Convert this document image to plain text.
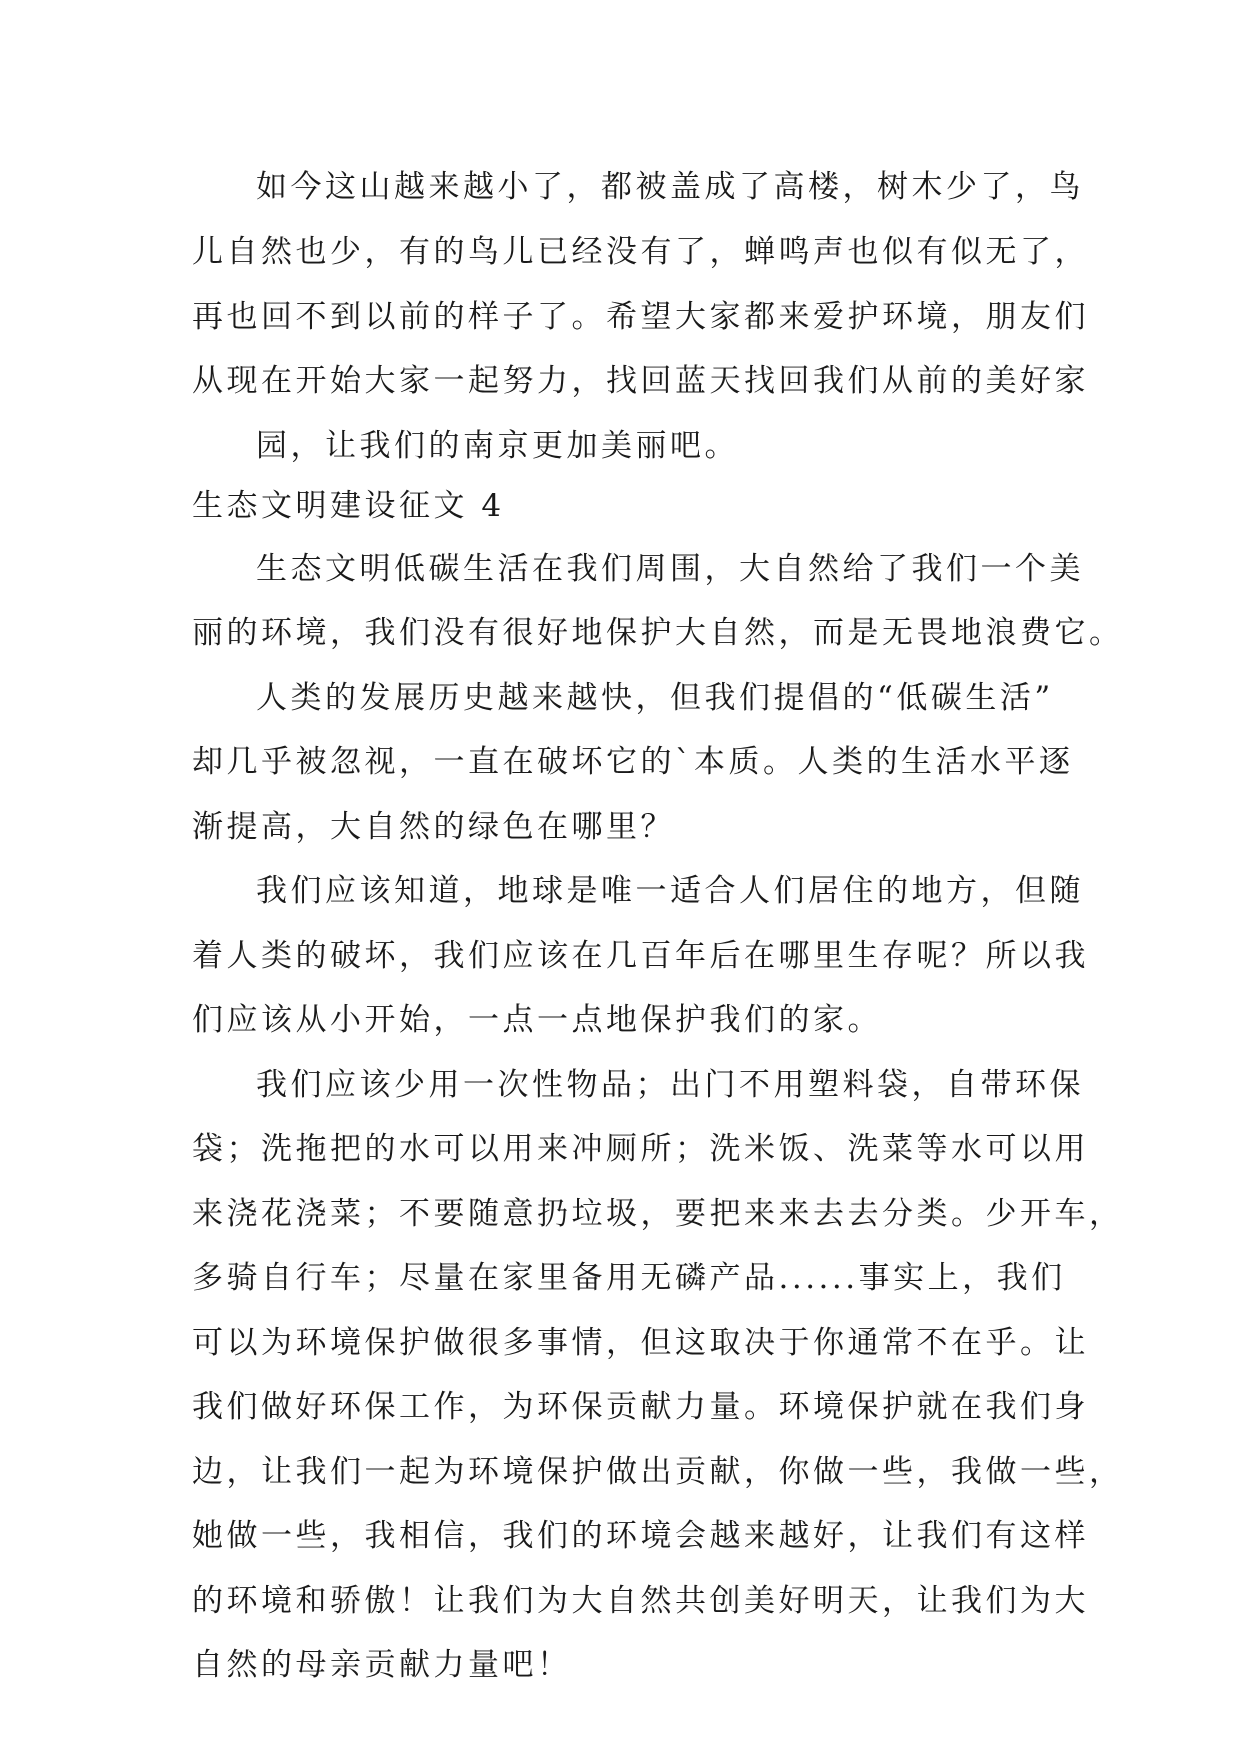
如今这山越来越小了，都被盖成了高楼，树木少了，鸟
儿自然也少，有的鸟儿已经没有了，蝉鸣声也似有似无了，
再也回不到以前的样子了。希望大家都来爱护环境，朋友们
从现在开始大家一起努力，找回蓝天找回我们从前的美好家
园，让我们的南京更加美丽吧。
生态文明建设征文 4
生态文明低碳生活在我们周围，大自然给了我们一个美
丽的环境，我们没有很好地保护大自然，而是无畏地浪费它。
人类的发展历史越来越快，但我们提倡的“低碳生活”
却几乎被忽视，一直在破坏它的`本质。人类的生活水平逐
渐提高，大自然的绿色在哪里？
我们应该知道，地球是唯一适合人们居住的地方，但随
着人类的破坏，我们应该在几百年后在哪里生存呢？所以我
们应该从小开始，一点一点地保护我们的家。
我们应该少用一次性物品；出门不用塑料袋，自带环保
袋；洗拖把的水可以用来冲厕所；洗米饭、洗菜等水可以用
来浇花浇菜；不要随意扔垃圾，要把来来去去分类。少开车，
多骑自行车；尽量在家里备用无磷产品......事实上，我们
可以为环境保护做很多事情，但这取决于你通常不在乎。让
我们做好环保工作，为环保贡献力量。环境保护就在我们身
边，让我们一起为环境保护做出贡献，你做一些，我做一些，
她做一些，我相信，我们的环境会越来越好，让我们有这样
的环境和骄傲！让我们为大自然共创美好明天，让我们为大
自然的母亲贡献力量吧！
